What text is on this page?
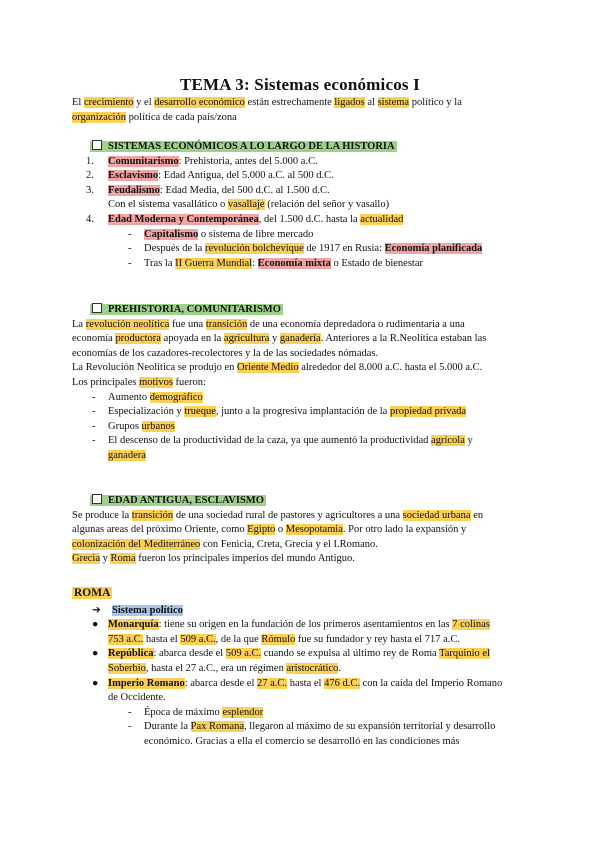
TEMA 3: Sistemas económicos I

El crecimiento y el desarrollo económico están estrechamente ligados al sistema político y la

organización política de cada país/zona

SISTEMAS ECONÓMICOS A LO LARGO DE LA HISTORIA

1. Comunitarismo: Prehistoria, antes del 5.000 a.C.
2. Esclavismo: Edad Antigua, del 5.000 a.C. al 500 d.C.
3. Feudalismo: Edad Media, del 500 d.C. al 1.500 d.C.
Con el sistema vasallático o vasallaje (relación del señor y vasallo)
4. Edad Moderna y Contemporánea, del 1.500 d.C. hasta la actualidad
- Capitalismo o sistema de libre mercado
- Después de la revolución bolchevique de 1917 en Rusia: Economía planificada
- Tras la II Guerra Mundial: Economía mixta o Estado de bienestar

PREHISTORIA, COMUNITARISMO

La revolución neolítica fue una transición de una economía depredadora o rudimentaria a una

economía productora apoyada en la agricultura y ganadería. Anteriores a la R.Neolítica estaban las

economías de los cazadores-recolectores y la de las sociedades nómadas.

La Revolución Neolítica se produjo en Oriente Medio alrededor del 8.000 a.C. hasta el 5.000 a.C.

Los principales motivos fueron:

- Aumento demográfico
- Especialización y trueque, junto a la progresiva implantación de la propiedad privada
- Grupos urbanos
- El descenso de la productividad de la caza, ya que aumentó la productividad agrícola y
ganadera

EDAD ANTIGUA, ESCLAVISMO

Se produce la transición de una sociedad rural de pastores y agricultores a una sociedad urbana en

algunas areas del próximo Oriente, como Egipto o Mesopotamia. Por otro lado la expansión y

colonización del Mediterráneo con Fenicia, Creta, Grecia y el I.Romano.

Grecia y Roma fueron los principales imperios del mundo Antiguo.

ROMA

➔ Sistema político
● Monarquía: tiene su origen en la fundación de los primeros asentamientos en las 7 colinas
753 a.C. hasta el 509 a.C., de la que Rómulo fue su fundador y rey hasta el 717 a.C.
● República: abarca desde el 509 a.C. cuando se expulsa al último rey de Roma Tarquinio el
Soberbio, hasta el 27 a.C., era un régimen aristocrático.
● Imperio Romano: abarca desde el 27 a.C. hasta el 476 d.C. con la caída del Imperio Romano
de Occidente.
- Época de máximo esplendor
- Durante la Pax Romana, llegaron al máximo de su expansión territorial y desarrollo
económico. Gracias a ella el comercio se desarrolló en las condiciones más
